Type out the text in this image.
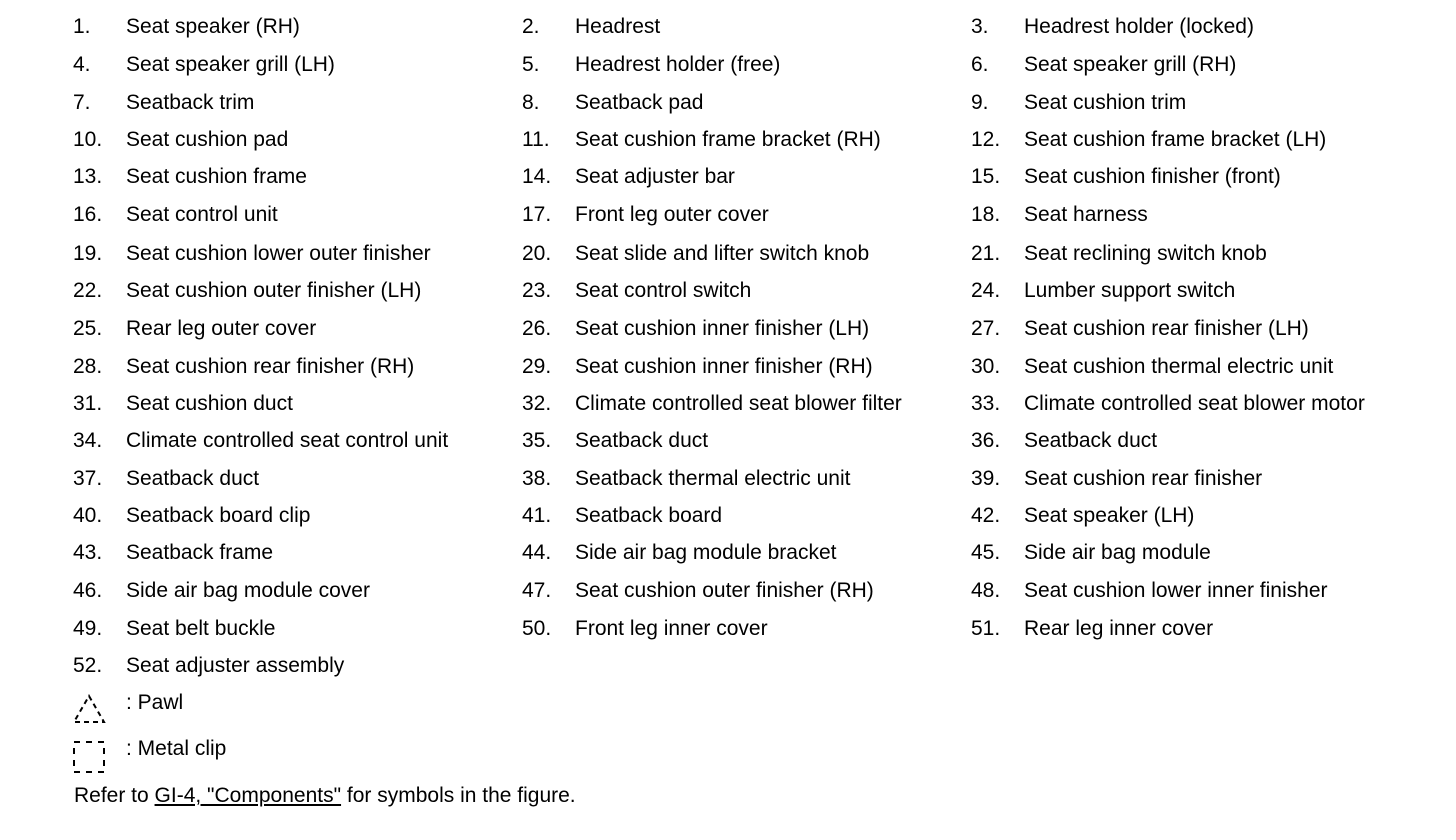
1. Seat speaker (RH)	2. Headrest	3. Headrest holder (locked)
4. Seat speaker grill (LH)	5. Headrest holder (free)	6. Seat speaker grill (RH)
7. Seatback trim	8. Seatback pad	9. Seat cushion trim
10. Seat cushion pad	11. Seat cushion frame bracket (RH)	12. Seat cushion frame bracket (LH)
13. Seat cushion frame	14. Seat adjuster bar	15. Seat cushion finisher (front)
16. Seat control unit	17. Front leg outer cover	18. Seat harness
19. Seat cushion lower outer finisher	20. Seat slide and lifter switch knob	21. Seat reclining switch knob
22. Seat cushion outer finisher (LH)	23. Seat control switch	24. Lumber support switch
25. Rear leg outer cover	26. Seat cushion inner finisher (LH)	27. Seat cushion rear finisher (LH)
28. Seat cushion rear finisher (RH)	29. Seat cushion inner finisher (RH)	30. Seat cushion thermal electric unit
31. Seat cushion duct	32. Climate controlled seat blower filter	33. Climate controlled seat blower motor
34. Climate controlled seat control unit	35. Seatback duct	36. Seatback duct
37. Seatback duct	38. Seatback thermal electric unit	39. Seat cushion rear finisher
40. Seatback board clip	41. Seatback board	42. Seat speaker (LH)
43. Seatback frame	44. Side air bag module bracket	45. Side air bag module
46. Side air bag module cover	47. Seat cushion outer finisher (RH)	48. Seat cushion lower inner finisher
49. Seat belt buckle	50. Front leg inner cover	51. Rear leg inner cover
52. Seat adjuster assembly
: Pawl
: Metal clip
Refer to GI-4, "Components" for symbols in the figure.
